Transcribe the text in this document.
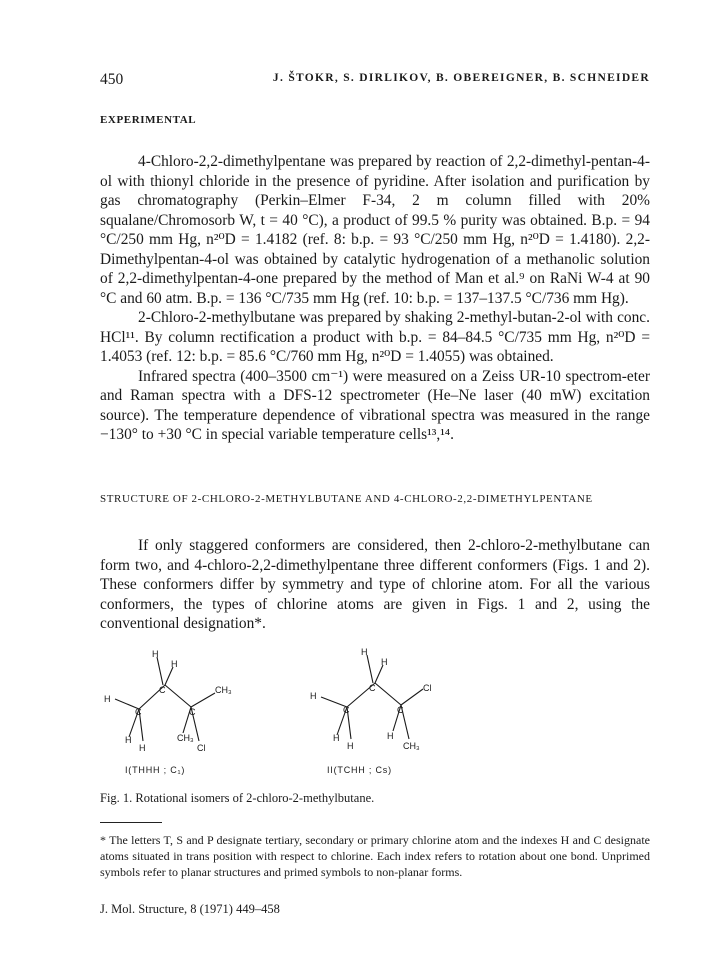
450	J. ŠTOKR, S. DIRLIKOV, B. OBEREIGNER, B. SCHNEIDER
EXPERIMENTAL

4-Chloro-2,2-dimethylpentane was prepared by reaction of 2,2-dimethyl-pentan-4-ol with thionyl chloride in the presence of pyridine. After isolation and purification by gas chromatography (Perkin–Elmer F-34, 2 m column filled with 20% squalane/Chromosorb W, t = 40 °C), a product of 99.5 % purity was obtained. B.p. = 94 °C/250 mm Hg, n²⁰D = 1.4182 (ref. 8: b.p. = 93 °C/250 mm Hg, n²⁰D = 1.4180). 2,2-Dimethylpentan-4-ol was obtained by catalytic hydrogenation of a methanolic solution of 2,2-dimethylpentan-4-one prepared by the method of Man et al.⁹ on RaNi W-4 at 90 °C and 60 atm. B.p. = 136 °C/735 mm Hg (ref. 10: b.p. = 137–137.5 °C/736 mm Hg).

2-Chloro-2-methylbutane was prepared by shaking 2-methyl-butan-2-ol with conc. HCl¹¹. By column rectification a product with b.p. = 84–84.5 °C/735 mm Hg, n²⁰D = 1.4053 (ref. 12: b.p. = 85.6 °C/760 mm Hg, n²⁰D = 1.4055) was obtained.

Infrared spectra (400–3500 cm⁻¹) were measured on a Zeiss UR-10 spectrom-eter and Raman spectra with a DFS-12 spectrometer (He–Ne laser (40 mW) excitation source). The temperature dependence of vibrational spectra was measured in the range −130° to +30 °C in special variable temperature cells¹³,¹⁴.

STRUCTURE OF 2-CHLORO-2-METHYLBUTANE AND 4-CHLORO-2,2-DIMETHYLPENTANE

If only staggered conformers are considered, then 2-chloro-2-methylbutane can form two, and 4-chloro-2,2-dimethylpentane three different conformers (Figs. 1 and 2). These conformers differ by symmetry and type of chlorine atom. For all the various conformers, the types of chlorine atoms are given in Figs. 1 and 2, using the conventional designation*.

H
H
C
H
C	C
CH₃
H
H
CH₃
Cl
H
H
C
H
C	C
Cl
H
H
H
CH₃
I(THHH ; C₁)	II(TCHH ; Cs)
Fig. 1. Rotational isomers of 2-chloro-2-methylbutane.

* The letters T, S and P designate tertiary, secondary or primary chlorine atom and the indexes H and C designate atoms situated in trans position with respect to chlorine. Each index refers to rotation about one bond. Unprimed symbols refer to planar structures and primed symbols to non-planar forms.

J. Mol. Structure, 8 (1971) 449–458
